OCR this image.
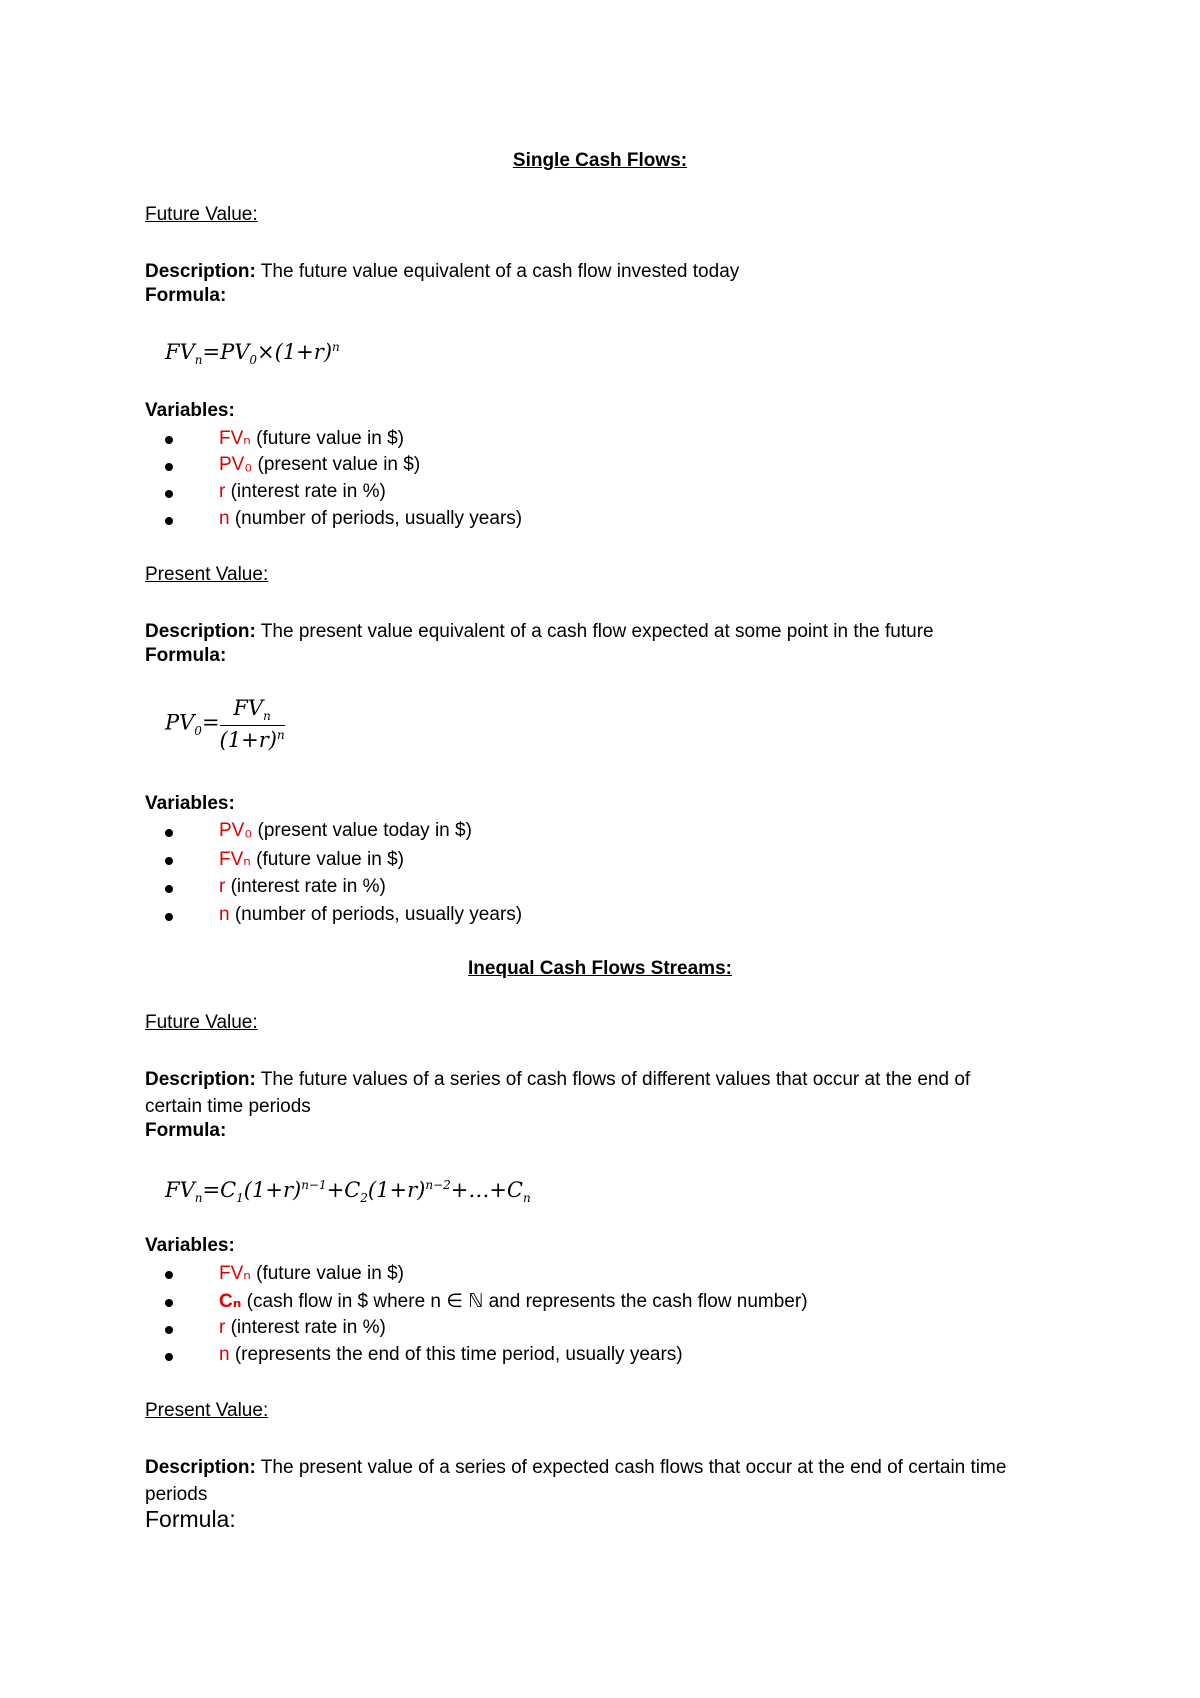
Single Cash Flows:
Future Value:
Description: The future value equivalent of a cash flow invested today
Formula:
$FV_n=PV_0\times(1+r)^n$
Variables:
FVₙ (future value in $)
PV₀ (present value in $)
r (interest rate in %)
n (number of periods, usually years)
Present Value:
Description: The present value equivalent of a cash flow expected at some point in the future
Formula:
$PV_0= \frac{FV_n}{(1+r)^n}$
Variables:
PV₀ (present value today in $)
FVₙ (future value in $)
r (interest rate in %)
n (number of periods, usually years)
Inequal Cash Flows Streams:
Future Value:
Description: The future values of a series of cash flows of different values that occur at the end of certain time periods
Formula:
$FV_n=C_1(1+r)^{n-1}+C_2(1+r)^{n-2}+\dots+C_n$
Variables:
FVₙ (future value in $)
Cₙ (cash flow in $ where n ∈ ℕ and represents the cash flow number)
r (interest rate in %)
n (represents the end of this time period, usually years)
Present Value:
Description: The present value of a series of expected cash flows that occur at the end of certain time periods
Formula:
